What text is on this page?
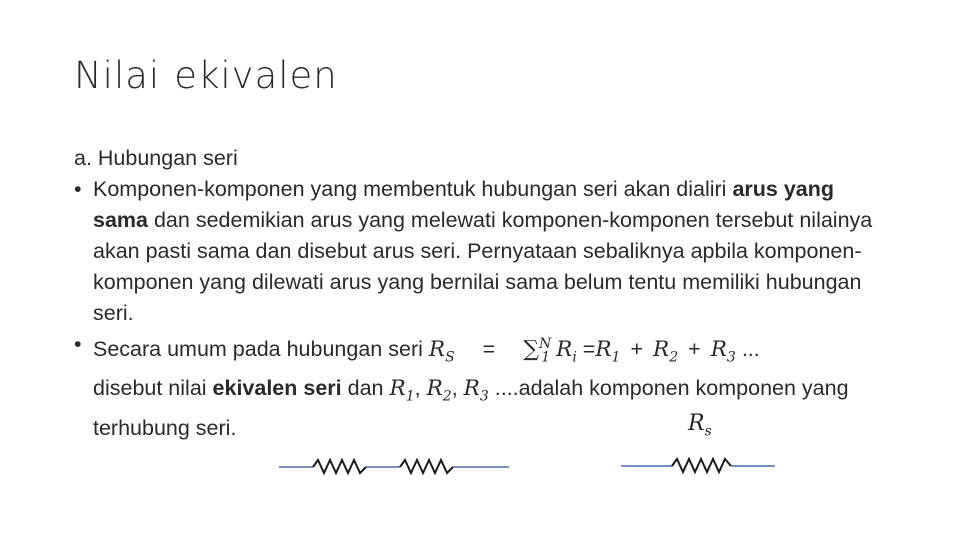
Nilai ekivalen

a. Hubungan seri

• Komponen-komponen yang membentuk hubungan seri akan dialiri arus yang sama dan sedemikian arus yang melewati komponen-komponen tersebut nilainya akan pasti sama dan disebut arus seri. Pernyataan sebaliknya apbila komponen-komponen yang dilewati arus yang bernilai sama belum tentu memiliki hubungan seri.
• Secara umum pada hubungan seri $R_S = \sum^N_1$ $R_i =R_1 + R_2 + R_3$ ...
disebut nilai ekivalen seri dan $R_1$, $R_2$, $R_3$ ....adalah komponen komponen yang terhubung seri.	$R_s$
